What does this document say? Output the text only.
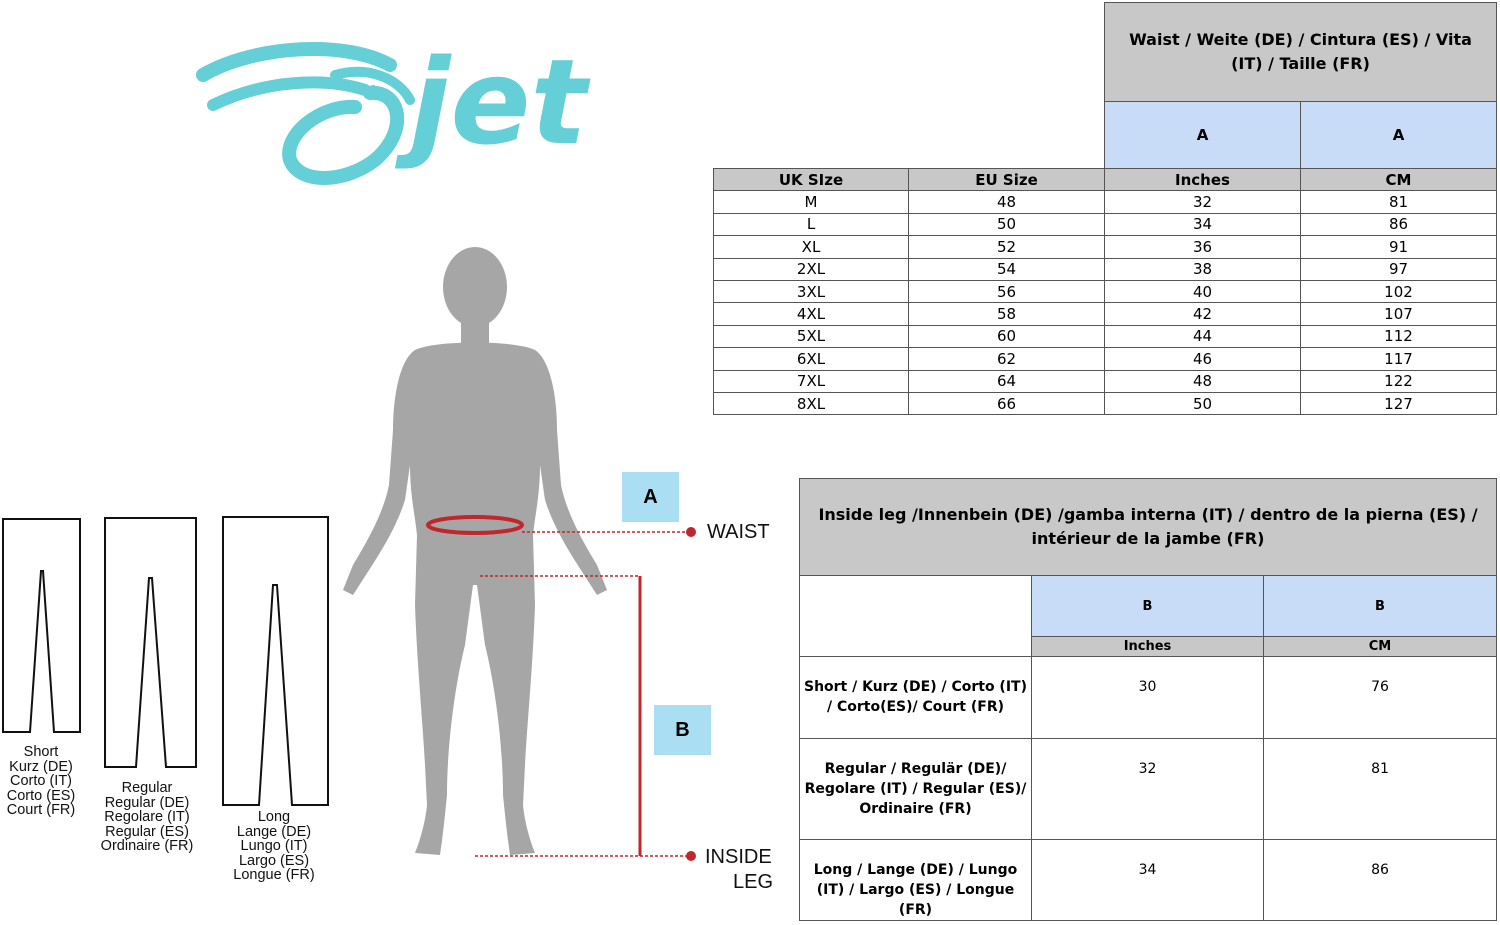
jet
		Waist / Weite (DE) / Cintura (ES) / Vita (IT) / Taille (FR)	
		A	A
UK SIze	EU Size	Inches	CM
M	48	32	81
L	50	34	86
XL	52	36	91
2XL	54	38	97
3XL	56	40	102
4XL	58	42	107
5XL	60	44	112
6XL	62	46	117
7XL	64	48	122
8XL	66	50	127
A
B
WAIST
INSIDE
LEG
Short
Kurz (DE)
Corto (IT)
Corto (ES)
Court (FR)
Regular
Regular (DE)
Regolare (IT)
Regular (ES)
Ordinaire (FR)
Long
Lange (DE)
Lungo (IT)
Largo (ES)
Longue (FR)
Inside leg /Innenbein (DE) /gamba interna (IT) / dentro de la pierna (ES) / intérieur de la jambe (FR)		
	B	B
	Inches	CM
Short / Kurz (DE) / Corto (IT) / Corto(ES)/ Court (FR)	30	76
Regular / Regulär (DE)/ Regolare (IT) / Regular (ES)/ Ordinaire (FR)	32	81
Long / Lange (DE) / Lungo (IT) / Largo (ES) / Longue (FR)	34	86
